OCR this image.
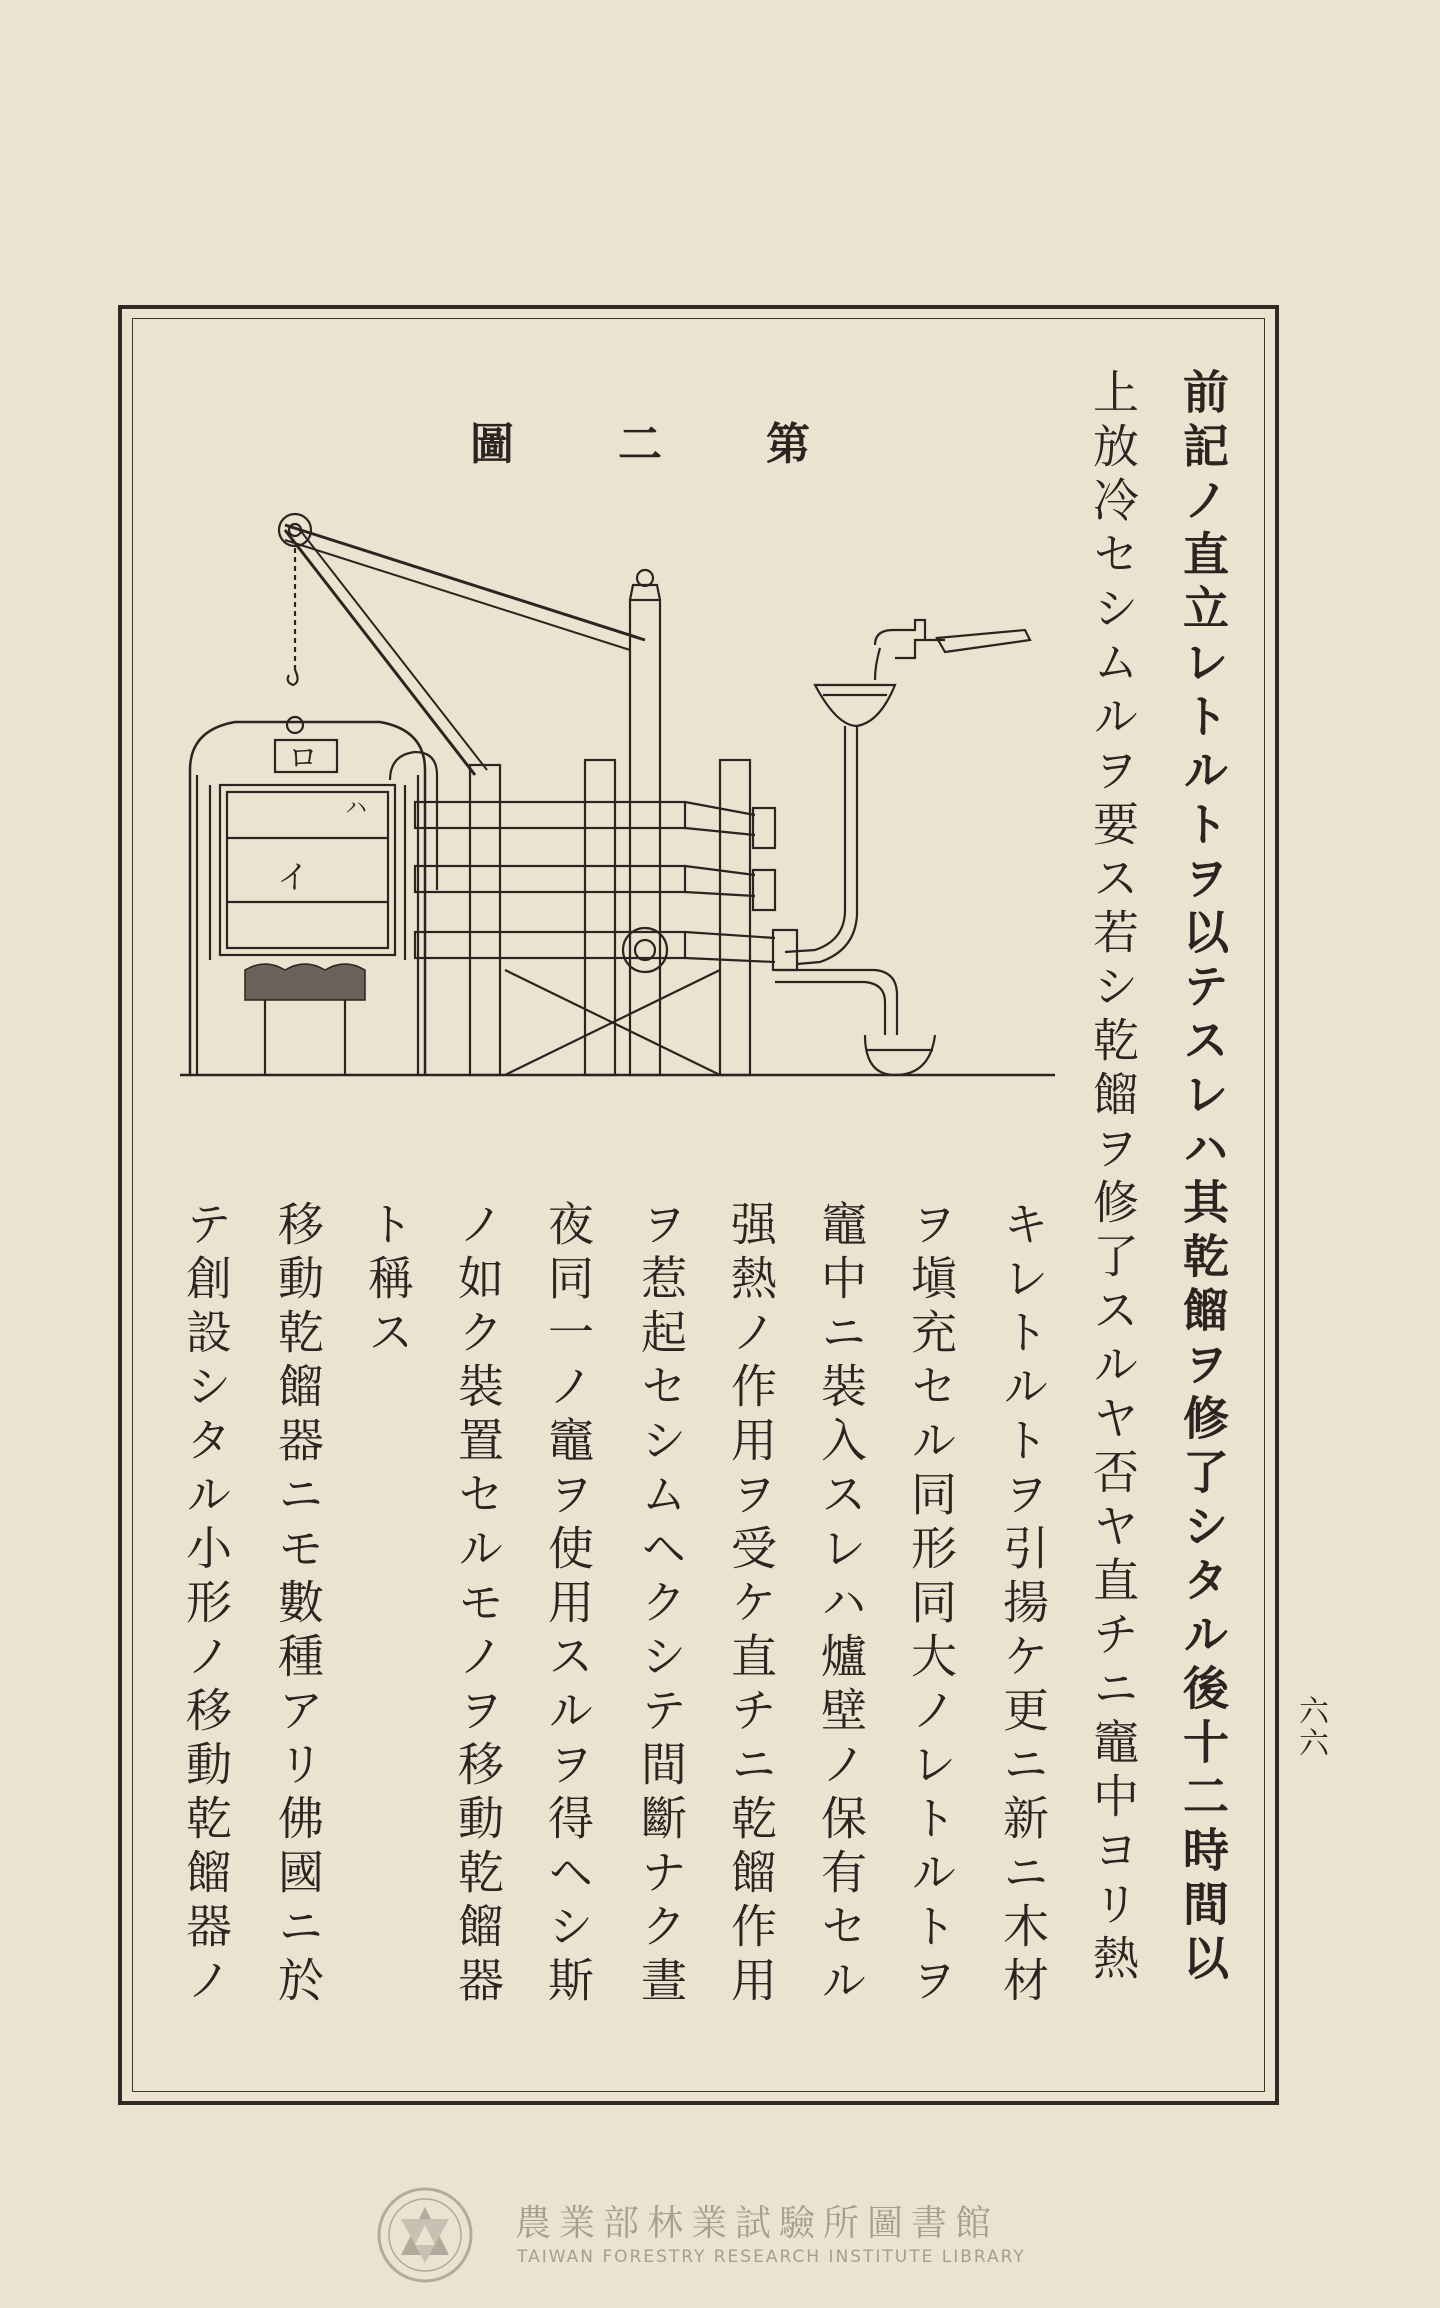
圖 二 第
ロ
イ
ハ	前記ノ直立レトルトヲ以テスレハ其乾餾ヲ修了シタル後十二時間以
上放冷セシムルヲ要ス若シ乾餾ヲ修了スルヤ否ヤ直チニ竈中ヨリ熱
キレトルトヲ引揚ケ更ニ新ニ木材
ヲ塡充セル同形同大ノレトルトヲ
竈中ニ裝入スレハ爐壁ノ保有セル
强熱ノ作用ヲ受ケ直チニ乾餾作用
ヲ惹起セシムヘクシテ間斷ナク晝
夜同一ノ竈ヲ使用スルヲ得ヘシ斯
ノ如ク裝置セルモノヲ移動乾餾器
ト稱ス
移動乾餾器ニモ數種アリ佛國ニ於
テ創設シタル小形ノ移動乾餾器ノ	六六
農業部林業試驗所圖書館
TAIWAN FORESTRY RESEARCH INSTITUTE LIBRARY
